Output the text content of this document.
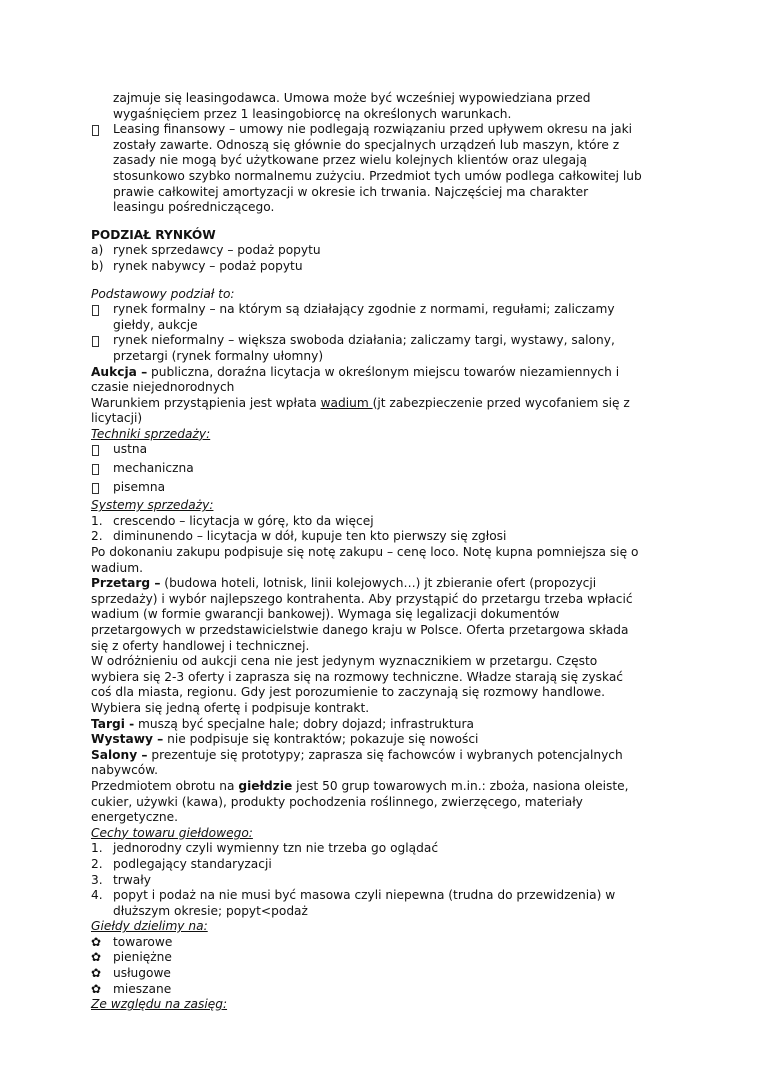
zajmuje się leasingodawca. Umowa może być wcześniej wypowiedziana przed
wygaśnięciem przez 1 leasingobiorcę na określonych warunkach.
Leasing finansowy – umowy nie podlegają rozwiązaniu przed upływem okresu na jaki
zostały zawarte. Odnoszą się głównie do specjalnych urządzeń lub maszyn, które z
zasady nie mogą być użytkowane przez wielu kolejnych klientów oraz ulegają
stosunkowo szybko normalnemu zużyciu. Przedmiot tych umów podlega całkowitej lub
prawie całkowitej amortyzacji w okresie ich trwania. Najczęściej ma charakter
leasingu pośredniczącego.
PODZIAŁ RYNKÓW
a) rynek sprzedawcy – podaż popytu
b) rynek nabywcy – podaż popytu
Podstawowy podział to:
rynek formalny – na którym są działający zgodnie z normami, regułami; zaliczamy
giełdy, aukcje
rynek nieformalny – większa swoboda działania; zaliczamy targi, wystawy, salony,
przetargi (rynek formalny ułomny)
Aukcja – publiczna, doraźna licytacja w określonym miejscu towarów niezamiennych i
czasie niejednorodnych
Warunkiem przystąpienia jest wpłata wadium (jt zabezpieczenie przed wycofaniem się z
licytacji)
Techniki sprzedaży:
ustna
mechaniczna
pisemna
Systemy sprzedaży:
1. crescendo – licytacja w górę, kto da więcej
2. diminunendo – licytacja w dół, kupuje ten kto pierwszy się zgłosi
Po dokonaniu zakupu podpisuje się notę zakupu – cenę loco. Notę kupna pomniejsza się o
wadium.
Przetarg – (budowa hoteli, lotnisk, linii kolejowych…) jt zbieranie ofert (propozycji
sprzedaży) i wybór najlepszego kontrahenta. Aby przystąpić do przetargu trzeba wpłacić
wadium (w formie gwarancji bankowej). Wymaga się legalizacji dokumentów
przetargowych w przedstawicielstwie danego kraju w Polsce. Oferta przetargowa składa
się z oferty handlowej i technicznej.
W odróżnieniu od aukcji cena nie jest jedynym wyznacznikiem w przetargu. Często
wybiera się 2-3 oferty i zaprasza się na rozmowy techniczne. Władze starają się zyskać
coś dla miasta, regionu. Gdy jest porozumienie to zaczynają się rozmowy handlowe.
Wybiera się jedną ofertę i podpisuje kontrakt.
Targi - muszą być specjalne hale; dobry dojazd; infrastruktura
Wystawy – nie podpisuje się kontraktów; pokazuje się nowości
Salony – prezentuje się prototypy; zaprasza się fachowców i wybranych potencjalnych
nabywców.
Przedmiotem obrotu na giełdzie jest 50 grup towarowych m.in.: zboża, nasiona oleiste,
cukier, używki (kawa), produkty pochodzenia roślinnego, zwierzęcego, materiały
energetyczne.
Cechy towaru giełdowego:
1. jednorodny czyli wymienny tzn nie trzeba go oglądać
2. podlegający standaryzacji
3. trwały
4. popyt i podaż na nie musi być masowa czyli niepewna (trudna do przewidzenia) w
dłuższym okresie; popyt<podaż
Giełdy dzielimy na:
✿ towarowe
✿ pieniężne
✿ usługowe
✿ mieszane
Ze względu na zasięg:
